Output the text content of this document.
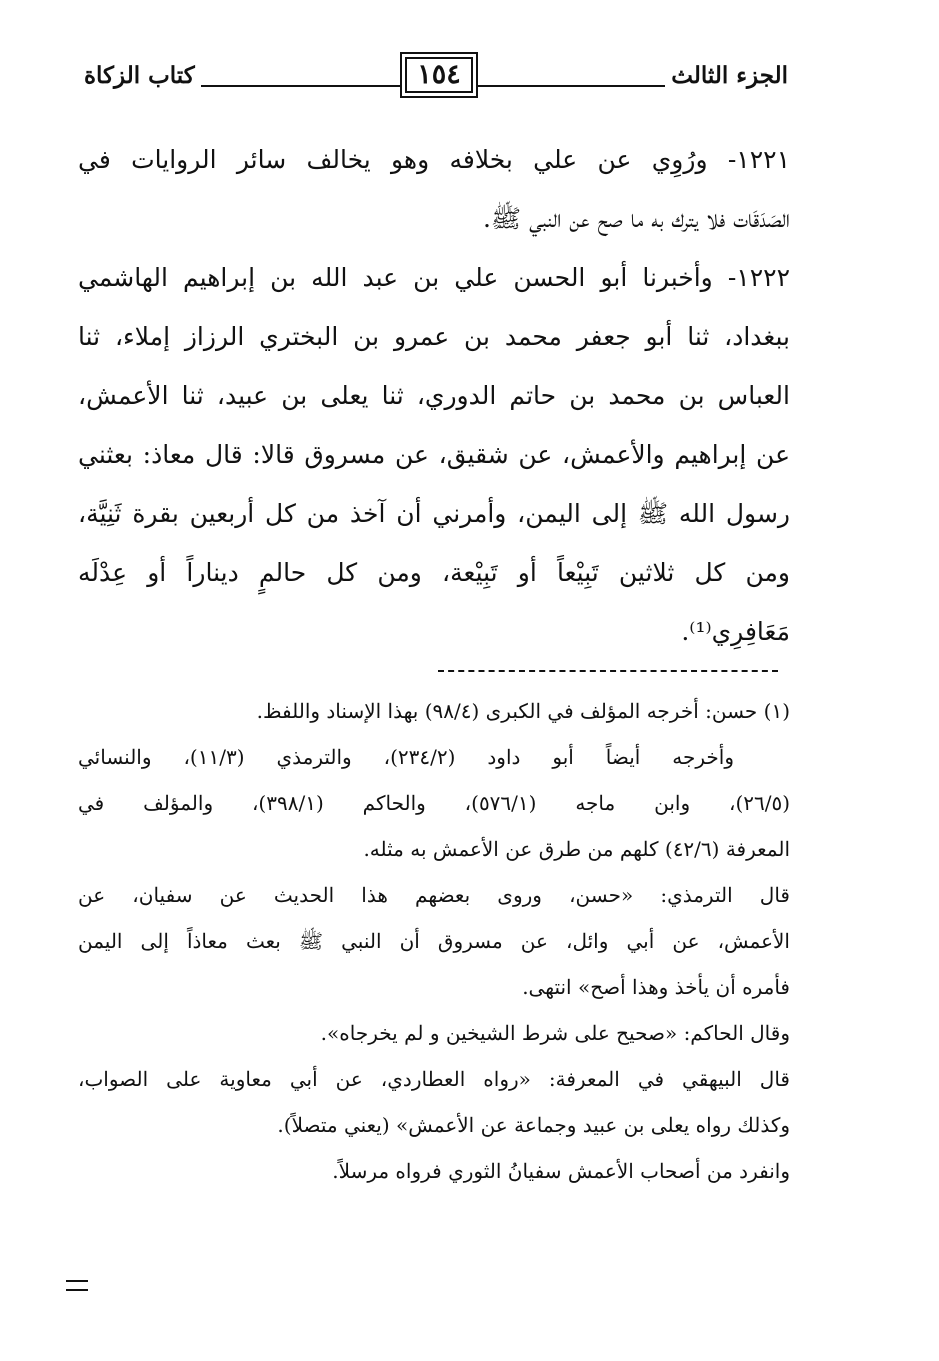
الجزء الثالث
١٥٤
كتاب الزكاة
١٢٢١- ورُوِي عن علي بخلافه وهو يخالف سائر الروايات في
الصَدَقَات فلا يترك به ما صح عن النبي ﷺ.
١٢٢٢- وأخبرنا أبو الحسن علي بن عبد الله بن إبراهيم الهاشمي
ببغداد، ثنا أبو جعفر محمد بن عمرو بن البختري الرزاز إملاء، ثنا
العباس بن محمد بن حاتم الدوري، ثنا يعلى بن عبيد، ثنا الأعمش،
عن إبراهيم والأعمش، عن شقيق، عن مسروق قالا: قال معاذ: بعثني
رسول الله ﷺ إلى اليمن، وأمرني أن آخذ من كل أربعين بقرة ثَنِيَّة،
ومن كل ثلاثين تَبِيْعاً أو تَبِيْعة، ومن كل حالمٍ ديناراً أو عِدْلَه
مَعَافِرِي⁽¹⁾.
(١) حسن: أخرجه المؤلف في الكبرى (٩٨/٤) بهذا الإسناد واللفظ.
وأخرجه أيضاً أبو داود (٢٣٤/٢)، والترمذي (١١/٣)، والنسائي
(٢٦/٥)، وابن ماجه (٥٧٦/١)، والحاكم (٣٩٨/١)، والمؤلف في
المعرفة (٤٢/٦) كلهم من طرق عن الأعمش به مثله.
قال الترمذي: «حسن، وروى بعضهم هذا الحديث عن سفيان، عن
الأعمش، عن أبي وائل، عن مسروق أن النبي ﷺ بعث معاذاً إلى اليمن
فأمره أن يأخذ وهذا أصح» انتهى.
وقال الحاكم: «صحيح على شرط الشيخين و لم يخرجاه».
قال البيهقي في المعرفة: «رواه العطاردي، عن أبي معاوية على الصواب،
وكذلك رواه يعلى بن عبيد وجماعة عن الأعمش» (يعني متصلاً).
وانفرد من أصحاب الأعمش سفيانُ الثوري فرواه مرسلاً.
